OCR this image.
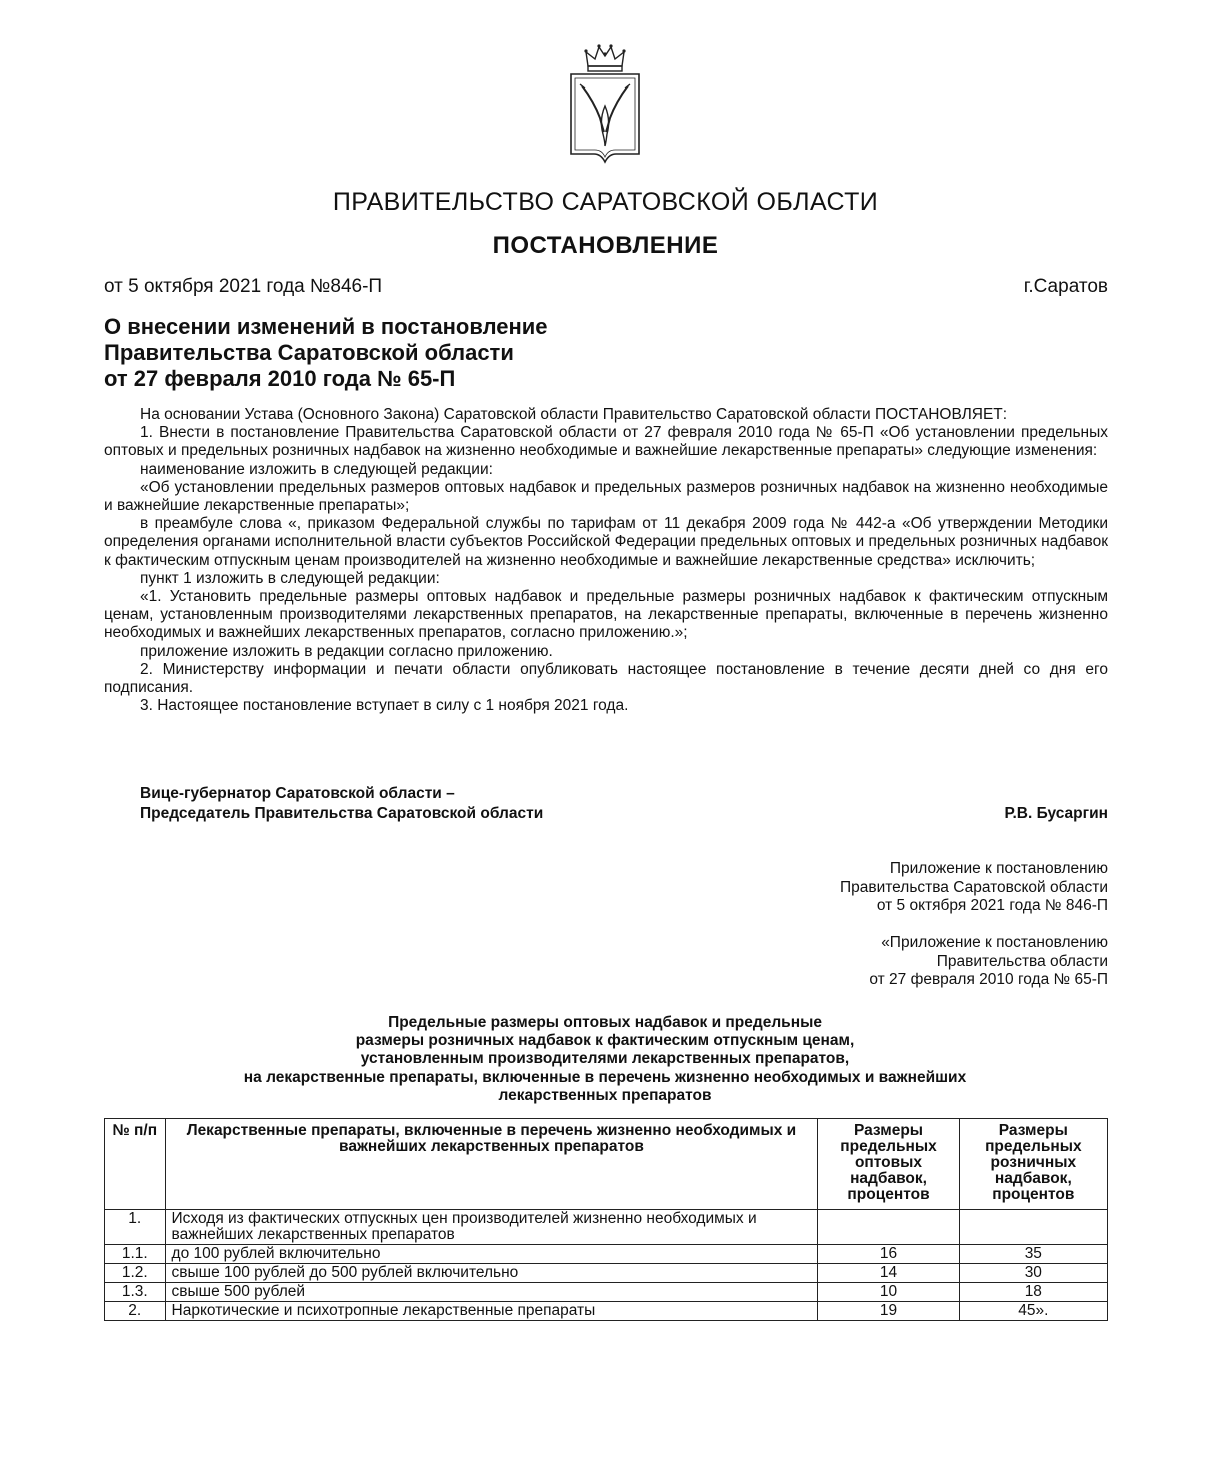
ПРАВИТЕЛЬСТВО САРАТОВСКОЙ ОБЛАСТИ
ПОСТАНОВЛЕНИЕ
от 5 октября 2021 года №846-П	г.Саратов
О внесении изменений в постановление
Правительства Саратовской области
от 27 февраля 2010 года № 65-П

На основании Устава (Основного Закона) Саратовской области Правительство Саратовской области ПОСТАНОВЛЯЕТ:

1. Внести в постановление Правительства Саратовской области от 27 февраля 2010 года № 65-П «Об установлении предельных оптовых и предельных розничных надбавок на жизненно необходимые и важнейшие лекарственные препараты» следующие изменения:

наименование изложить в следующей редакции:

«Об установлении предельных размеров оптовых надбавок и предельных размеров розничных надбавок на жизненно необходимые и важнейшие лекарственные препараты»;

в преамбуле слова «, приказом Федеральной службы по тарифам от 11 декабря 2009 года № 442-а «Об утверждении Методики определения органами исполнительной власти субъектов Российской Федерации предельных оптовых и предельных розничных надбавок к фактическим отпускным ценам производителей на жизненно необходимые и важнейшие лекарственные средства» исключить;

пункт 1 изложить в следующей редакции:

«1. Установить предельные размеры оптовых надбавок и предельные размеры розничных надбавок к фактическим отпускным ценам, установленным производителями лекарственных препаратов, на лекарственные препараты, включенные в перечень жизненно необходимых и важнейших лекарственных препаратов, согласно приложению.»;

приложение изложить в редакции согласно приложению.

2. Министерству информации и печати области опубликовать настоящее постановление в течение десяти дней со дня его подписания.

3. Настоящее постановление вступает в силу с 1 ноября 2021 года.

Вице-губернатор Саратовской области –
Председатель Правительства Саратовской области	Р.В. Бусаргин
Приложение к постановлению
Правительства Саратовской области
от 5 октября 2021 года № 846-П
«Приложение к постановлению
Правительства области
от 27 февраля 2010 года № 65-П
Предельные размеры оптовых надбавок и предельные
размеры розничных надбавок к фактическим отпускным ценам,
установленным производителями лекарственных препаратов,
на лекарственные препараты, включенные в перечень жизненно необходимых и важнейших
лекарственных препаратов
№ п/п	Лекарственные препараты, включенные в перечень жизненно необходимых и важнейших лекарственных препаратов	Размеры предельных оптовых надбавок, процентов	Размеры предельных розничных надбавок, процентов
1.	Исходя из фактических отпускных цен производителей жизненно необходимых и важнейших лекарственных препаратов		
1.1.	до 100 рублей включительно	16	35
1.2.	свыше 100 рублей до 500 рублей включительно	14	30
1.3.	свыше 500 рублей	10	18
2.	Наркотические и психотропные лекарственные препараты	19	45».
